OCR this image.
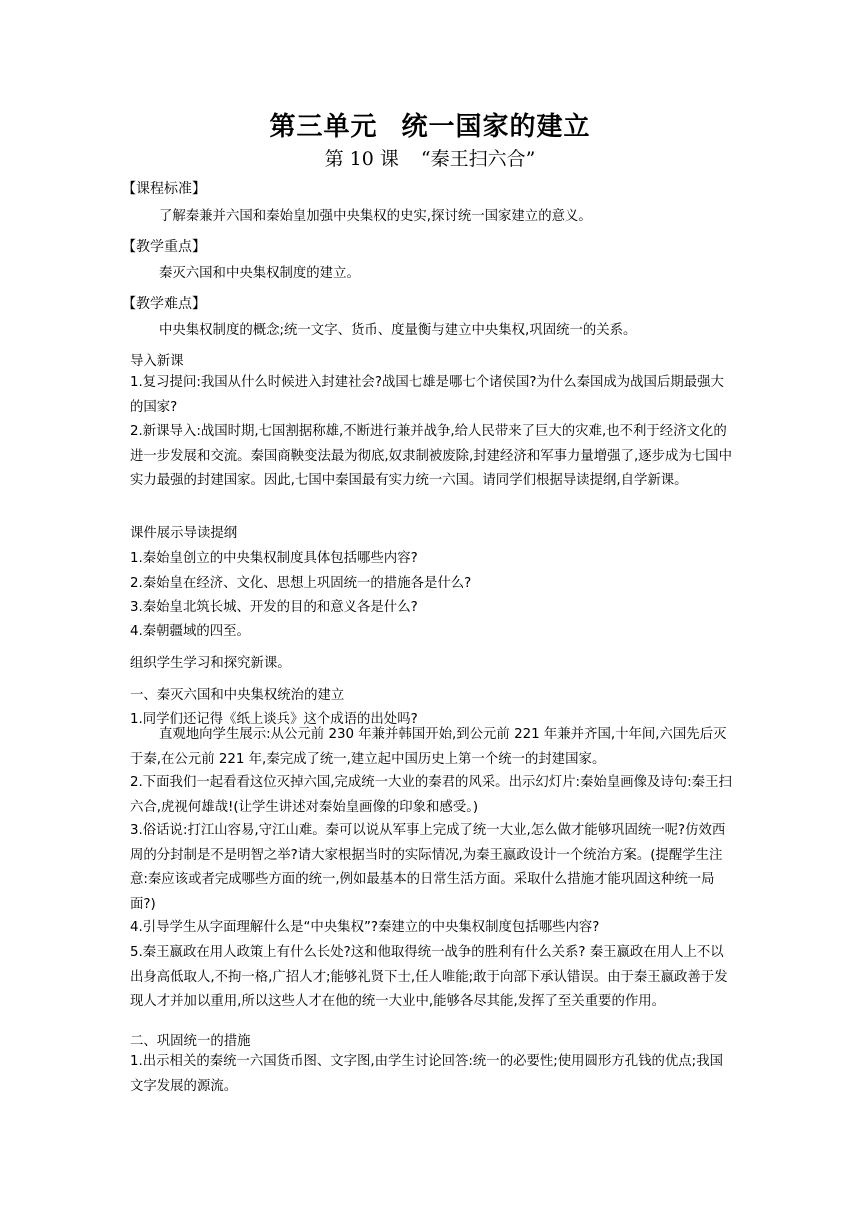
第三单元 统一国家的建立
第 10 课 “秦王扫六合”
【课程标准】
了解秦兼并六国和秦始皇加强中央集权的史实,探讨统一国家建立的意义。
【教学重点】
秦灭六国和中央集权制度的建立。
【教学难点】
中央集权制度的概念;统一文字、货币、度量衡与建立中央集权,巩固统一的关系。
导入新课
1.复习提问:我国从什么时候进入封建社会?战国七雄是哪七个诸侯国?为什么秦国成为战国后期最强大的国家?
2.新课导入:战国时期,七国割据称雄,不断进行兼并战争,给人民带来了巨大的灾难,也不利于经济文化的进一步发展和交流。秦国商鞅变法最为彻底,奴隶制被废除,封建经济和军事力量增强了,逐步成为七国中实力最强的封建国家。因此,七国中秦国最有实力统一六国。请同学们根据导读提纲,自学新课。
课件展示导读提纲
1.秦始皇创立的中央集权制度具体包括哪些内容?
2.秦始皇在经济、文化、思想上巩固统一的措施各是什么?
3.秦始皇北筑长城、开发的目的和意义各是什么?
4.秦朝疆域的四至。
组织学生学习和探究新课。
一、秦灭六国和中央集权统治的建立
1.同学们还记得《纸上谈兵》这个成语的出处吗?
直观地向学生展示:从公元前 230 年兼并韩国开始,到公元前 221 年兼并齐国,十年间,六国先后灭于秦,在公元前 221 年,秦完成了统一,建立起中国历史上第一个统一的封建国家。
2.下面我们一起看看这位灭掉六国,完成统一大业的秦君的风采。出示幻灯片:秦始皇画像及诗句:秦王扫六合,虎视何雄哉!(让学生讲述对秦始皇画像的印象和感受。)
3.俗话说:打江山容易,守江山难。秦可以说从军事上完成了统一大业,怎么做才能够巩固统一呢?仿效西周的分封制是不是明智之举?请大家根据当时的实际情况,为秦王嬴政设计一个统治方案。(提醒学生注意:秦应该或者完成哪些方面的统一,例如最基本的日常生活方面。采取什么措施才能巩固这种统一局面?)
4.引导学生从字面理解什么是“中央集权”?秦建立的中央集权制度包括哪些内容?
5.秦王嬴政在用人政策上有什么长处?这和他取得统一战争的胜利有什么关系? 秦王嬴政在用人上不以出身高低取人,不拘一格,广招人才;能够礼贤下士,任人唯能;敢于向部下承认错误。由于秦王嬴政善于发现人才并加以重用,所以这些人才在他的统一大业中,能够各尽其能,发挥了至关重要的作用。
二、巩固统一的措施
1.出示相关的秦统一六国货币图、文字图,由学生讨论回答:统一的必要性;使用圆形方孔钱的优点;我国文字发展的源流。
